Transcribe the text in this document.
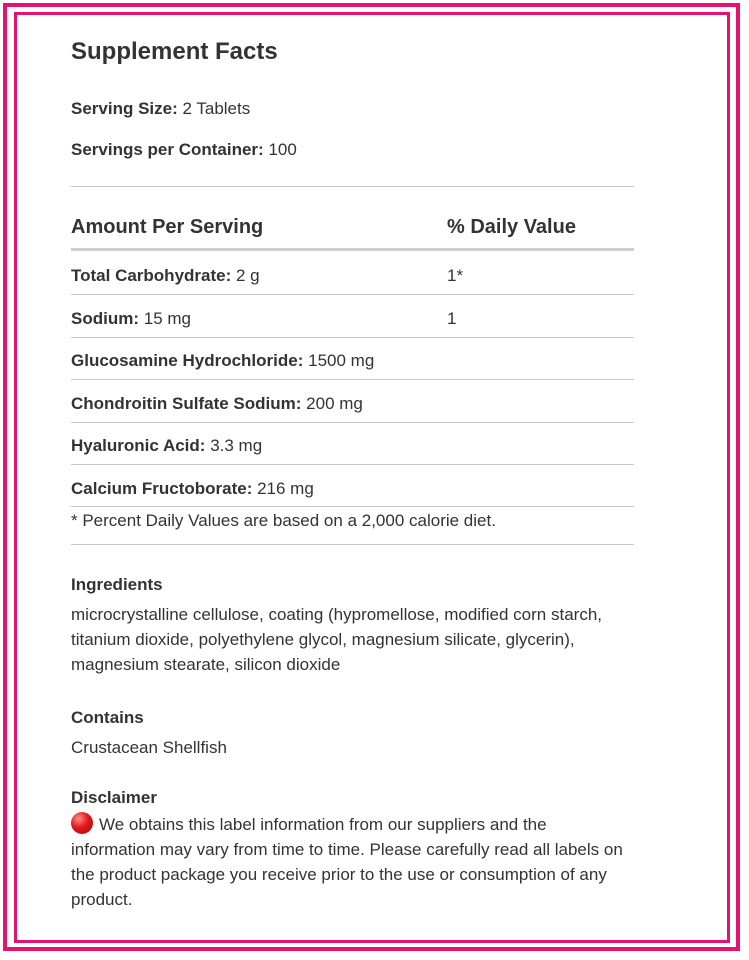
Supplement Facts
Serving Size: 2 Tablets
Servings per Container: 100
Amount Per Serving	% Daily Value
Total Carbohydrate: 2 g	1*
Sodium: 15 mg	1
Glucosamine Hydrochloride: 1500 mg
Chondroitin Sulfate Sodium: 200 mg
Hyaluronic Acid: 3.3 mg
Calcium Fructoborate: 216 mg
* Percent Daily Values are based on a 2,000 calorie diet.
Ingredients
microcrystalline cellulose, coating (hypromellose, modified corn starch, titanium dioxide, polyethylene glycol, magnesium silicate, glycerin), magnesium stearate, silicon dioxide
Contains
Crustacean Shellfish
Disclaimer
We obtains this label information from our suppliers and the information may vary from time to time. Please carefully read all labels on the product package you receive prior to the use or consumption of any product.
